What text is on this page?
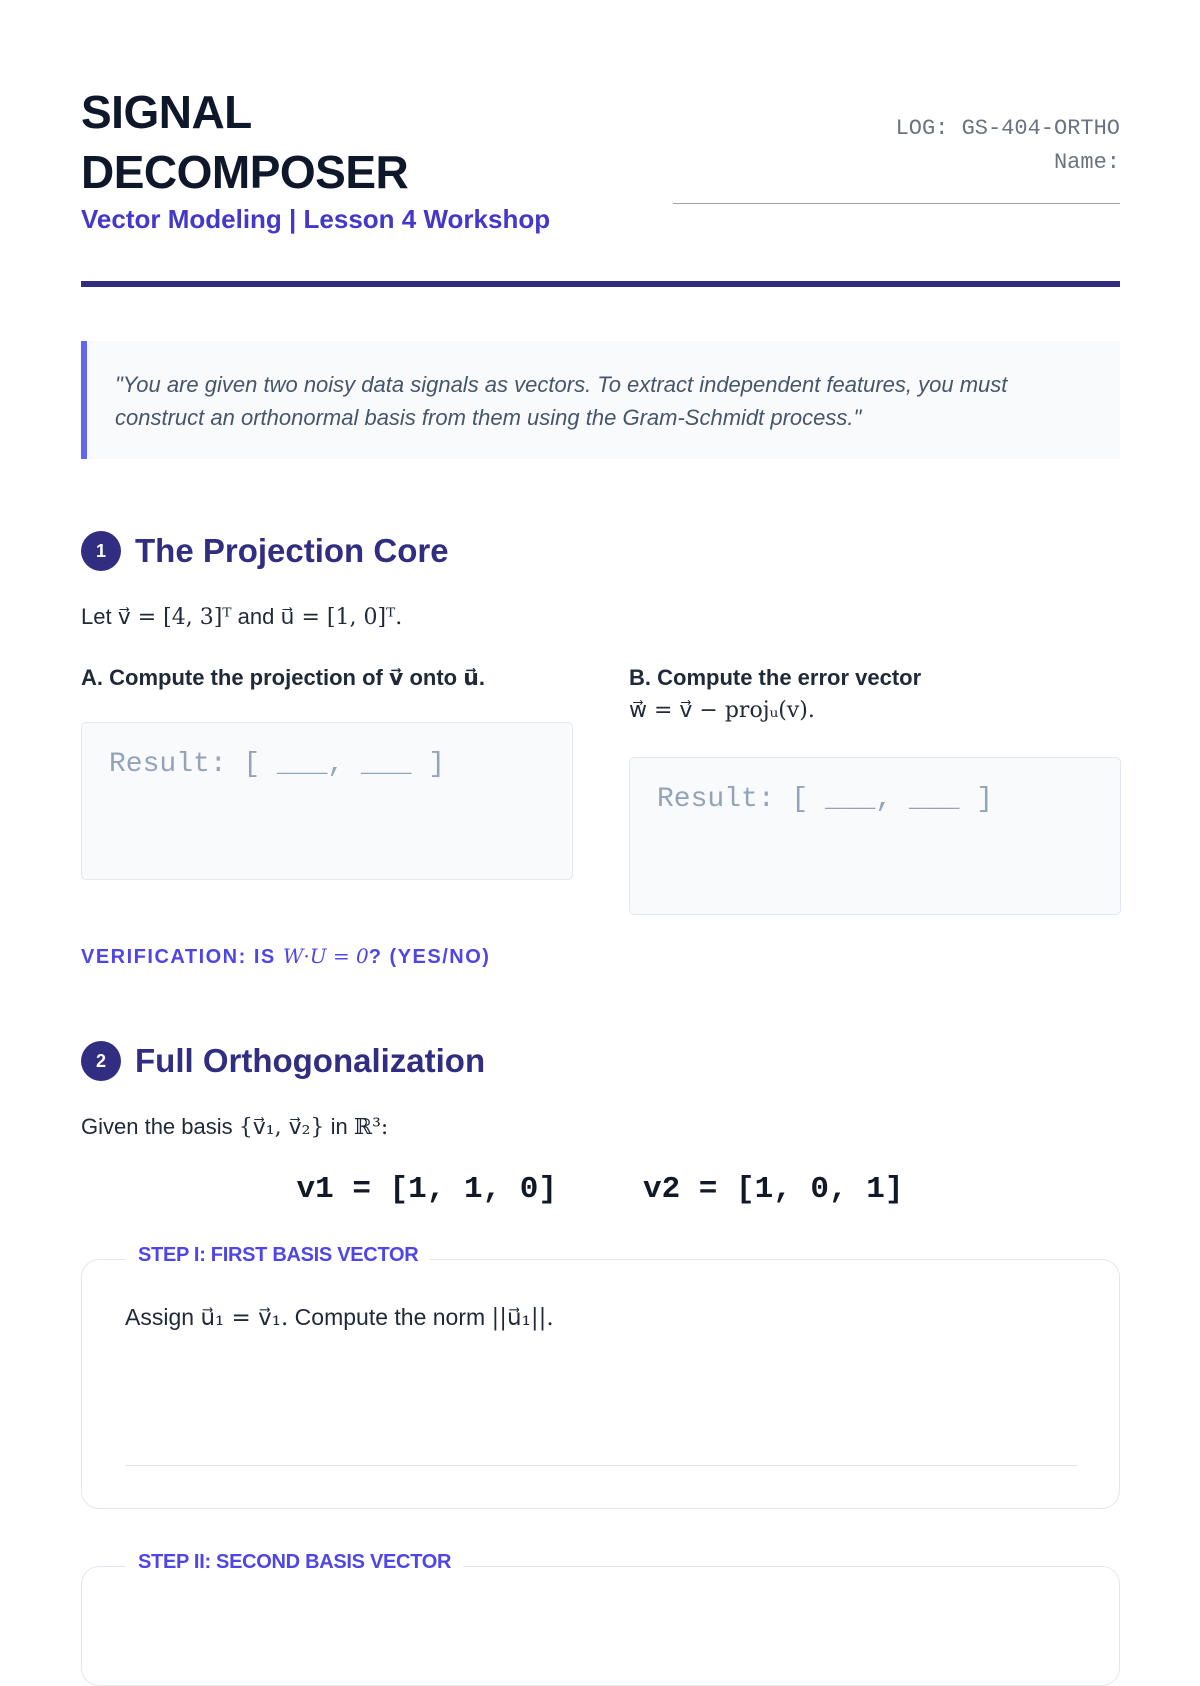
SIGNAL
DECOMPOSER
Vector Modeling | Lesson 4 Workshop
LOG: GS-404-ORTHO
Name:
"You are given two noisy data signals as vectors. To extract independent features, you must construct an orthonormal basis from them using the Gram-Schmidt process."
1 The Projection Core
Let v⃗ = [4, 3]ᵀ and u⃗ = [1, 0]ᵀ.
A. Compute the projection of v⃗ onto u⃗.	B. Compute the error vector
w⃗ = v⃗ − projᵤ(v).
Result: [ ___, ___ ]
Result: [ ___, ___ ]
VERIFICATION: IS W·U = 0? (YES/NO)
2 Full Orthogonalization
Given the basis {v⃗₁, v⃗₂} in ℝ³:
v1 = [1, 1, 0]	v2 = [1, 0, 1]
STEP I: FIRST BASIS VECTOR
Assign u⃗₁ = v⃗₁. Compute the norm ||u⃗₁||.
STEP II: SECOND BASIS VECTOR
